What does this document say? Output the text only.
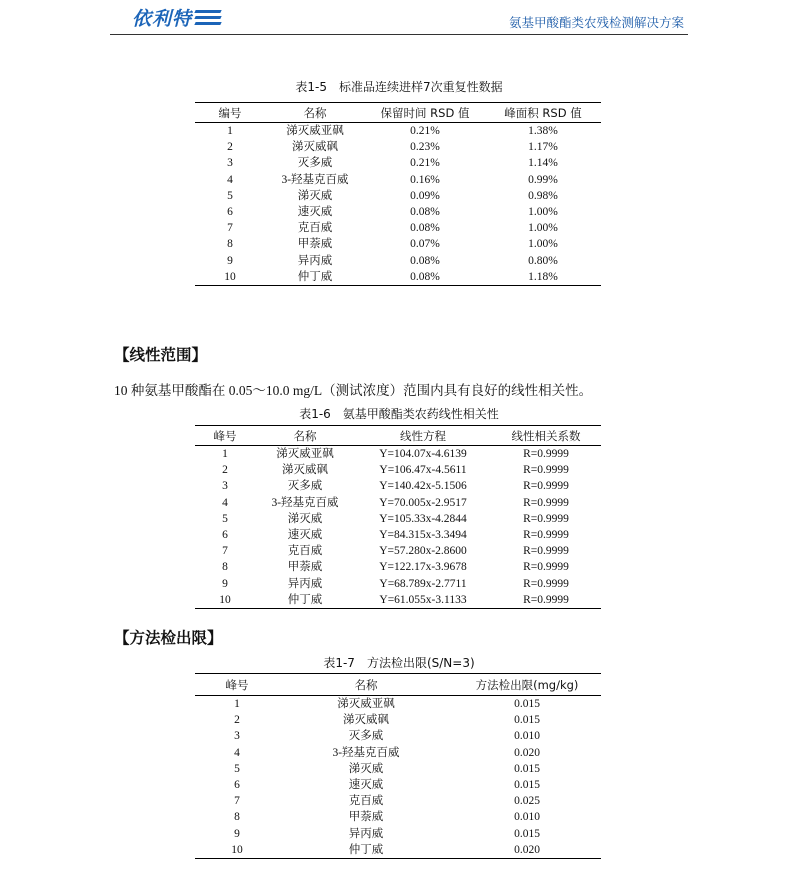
依利特	氨基甲酸酯类农残检测解决方案
表1-5　标准品连续进样7次重复性数据
编号	名称	保留时间 RSD 值	峰面积 RSD 值
1	涕灭威亚砜	0.21%	1.38%
2	涕灭威砜	0.23%	1.17%
3	灭多威	0.21%	1.14%
4	3-羟基克百威	0.16%	0.99%
5	涕灭威	0.09%	0.98%
6	速灭威	0.08%	1.00%
7	克百威	0.08%	1.00%
8	甲萘威	0.07%	1.00%
9	异丙威	0.08%	0.80%
10	仲丁威	0.08%	1.18%
【线性范围】
10 种氨基甲酸酯在 0.05～10.0 mg/L（测试浓度）范围内具有良好的线性相关性。
表1-6　氨基甲酸酯类农药线性相关性
峰号	名称	线性方程	线性相关系数
1	涕灭威亚砜	Y=104.07x-4.6139	R=0.9999
2	涕灭威砜	Y=106.47x-4.5611	R=0.9999
3	灭多威	Y=140.42x-5.1506	R=0.9999
4	3-羟基克百威	Y=70.005x-2.9517	R=0.9999
5	涕灭威	Y=105.33x-4.2844	R=0.9999
6	速灭威	Y=84.315x-3.3494	R=0.9999
7	克百威	Y=57.280x-2.8600	R=0.9999
8	甲萘威	Y=122.17x-3.9678	R=0.9999
9	异丙威	Y=68.789x-2.7711	R=0.9999
10	仲丁威	Y=61.055x-3.1133	R=0.9999
【方法检出限】
表1-7　方法检出限(S/N=3)
峰号	名称	方法检出限(mg/kg)
1	涕灭威亚砜	0.015
2	涕灭威砜	0.015
3	灭多威	0.010
4	3-羟基克百威	0.020
5	涕灭威	0.015
6	速灭威	0.015
7	克百威	0.025
8	甲萘威	0.010
9	异丙威	0.015
10	仲丁威	0.020
